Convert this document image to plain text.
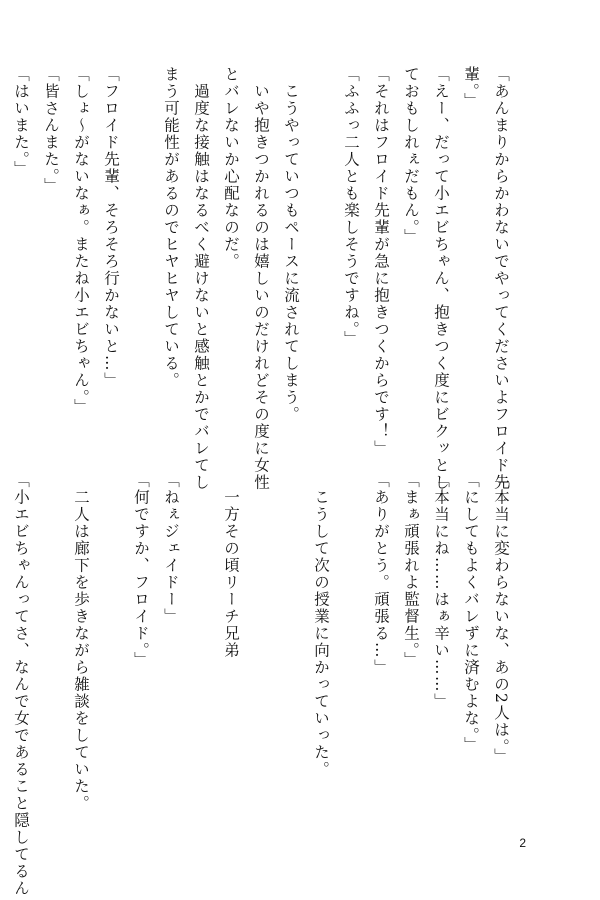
「あんまりからかわないでやってくださいよフロイド先
輩。」
「えー、だって小エビちゃん、抱きつく度にビクッとし
ておもしれぇだもん。」
「それはフロイド先輩が急に抱きつくからです！」
「ふふっ二人とも楽しそうですね。」

　こうやっていつもペースに流されてしまう。
　いや抱きつかれるのは嬉しいのだけれどその度に女性
とバレないか心配なのだ。
　過度な接触はなるべく避けないと感触とかでバレてし
まう可能性があるのでヒヤヒヤしている。

「フロイド先輩、そろそろ行かないと…」
「しょ～がないなぁ。またね小エビちゃん。」
「皆さんまた。」
「はいまた。」

「本当に変わらないな、あの2人は。」
「にしてもよくバレずに済むよな。」
「本当にね……はぁ辛い……」
「まぁ頑張れよ監督生。」
「ありがとう。頑張る…」

　こうして次の授業に向かっていった。

　一方その頃リーチ兄弟

「ねぇジェイドー」
「何ですか、フロイド。」

　二人は廊下を歩きながら雑談をしていた。

「小エビちゃんってさ、なんで女であること隠してるん	2
